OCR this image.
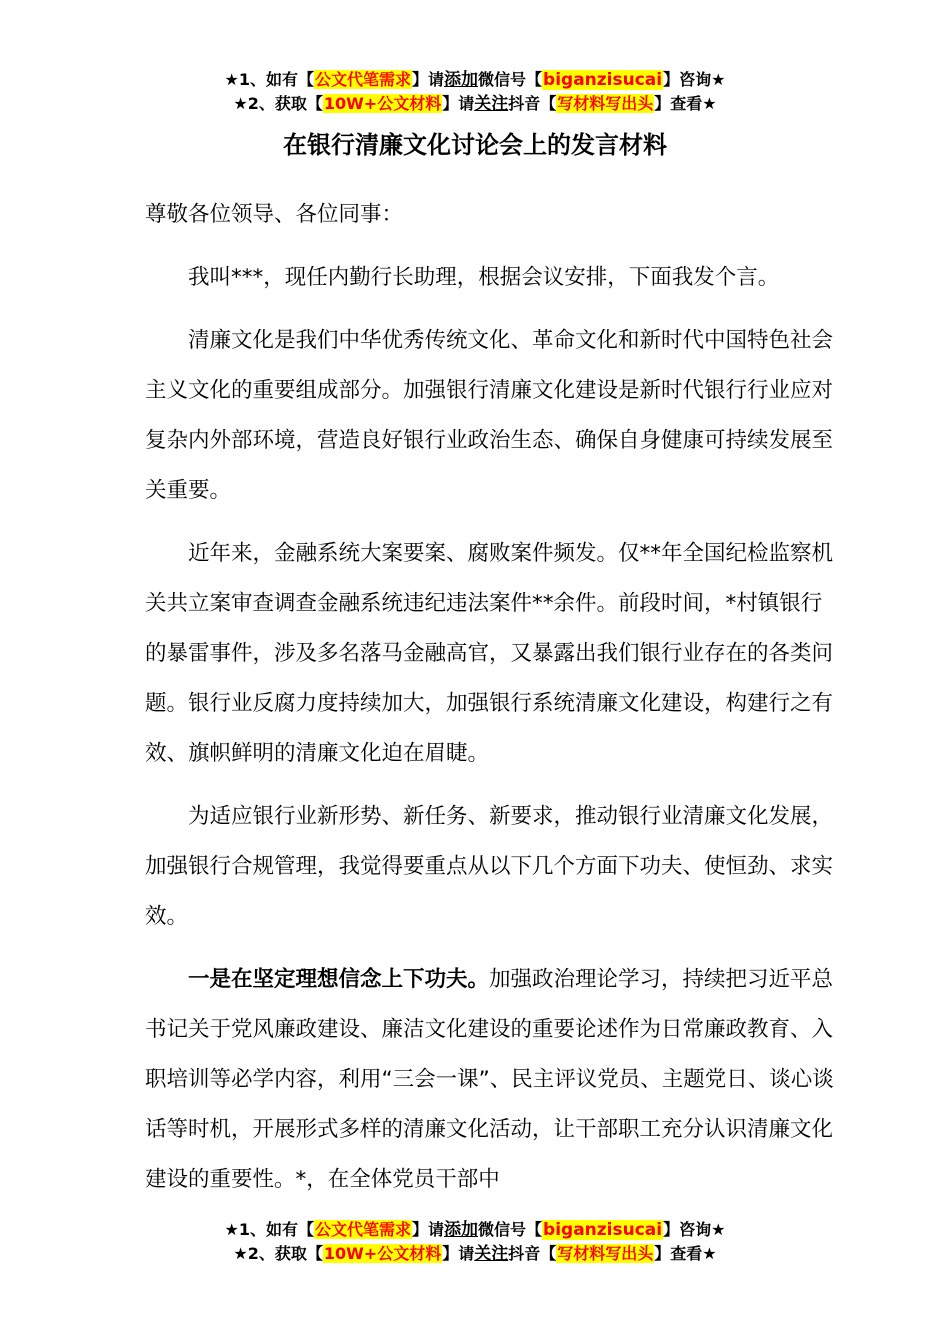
★1、如有【公文代笔需求】请添加微信号【biganzisucai】咨询★
★2、获取【10W+公文材料】请关注抖音【写材料写出头】查看★
在银行清廉文化讨论会上的发言材料

尊敬各位领导、各位同事：

我叫***，现任内勤行长助理，根据会议安排，下面我发个言。

清廉文化是我们中华优秀传统文化、革命文化和新时代中国特色社会主义文化的重要组成部分。加强银行清廉文化建设是新时代银行行业应对复杂内外部环境，营造良好银行业政治生态、确保自身健康可持续发展至关重要。

近年来，金融系统大案要案、腐败案件频发。仅**年全国纪检监察机关共立案审查调查金融系统违纪违法案件**余件。前段时间，*村镇银行的暴雷事件，涉及多名落马金融高官，又暴露出我们银行业存在的各类问题。银行业反腐力度持续加大，加强银行系统清廉文化建设，构建行之有效、旗帜鲜明的清廉文化迫在眉睫。

为适应银行业新形势、新任务、新要求，推动银行业清廉文化发展，加强银行合规管理，我觉得要重点从以下几个方面下功夫、使恒劲、求实效。

一是在坚定理想信念上下功夫。加强政治理论学习，持续把习近平总书记关于党风廉政建设、廉洁文化建设的重要论述作为日常廉政教育、入职培训等必学内容，利用“三会一课”、民主评议党员、主题党日、谈心谈话等时机，开展形式多样的清廉文化活动，让干部职工充分认识清廉文化建设的重要性。*，在全体党员干部中

★1、如有【公文代笔需求】请添加微信号【biganzisucai】咨询★
★2、获取【10W+公文材料】请关注抖音【写材料写出头】查看★
